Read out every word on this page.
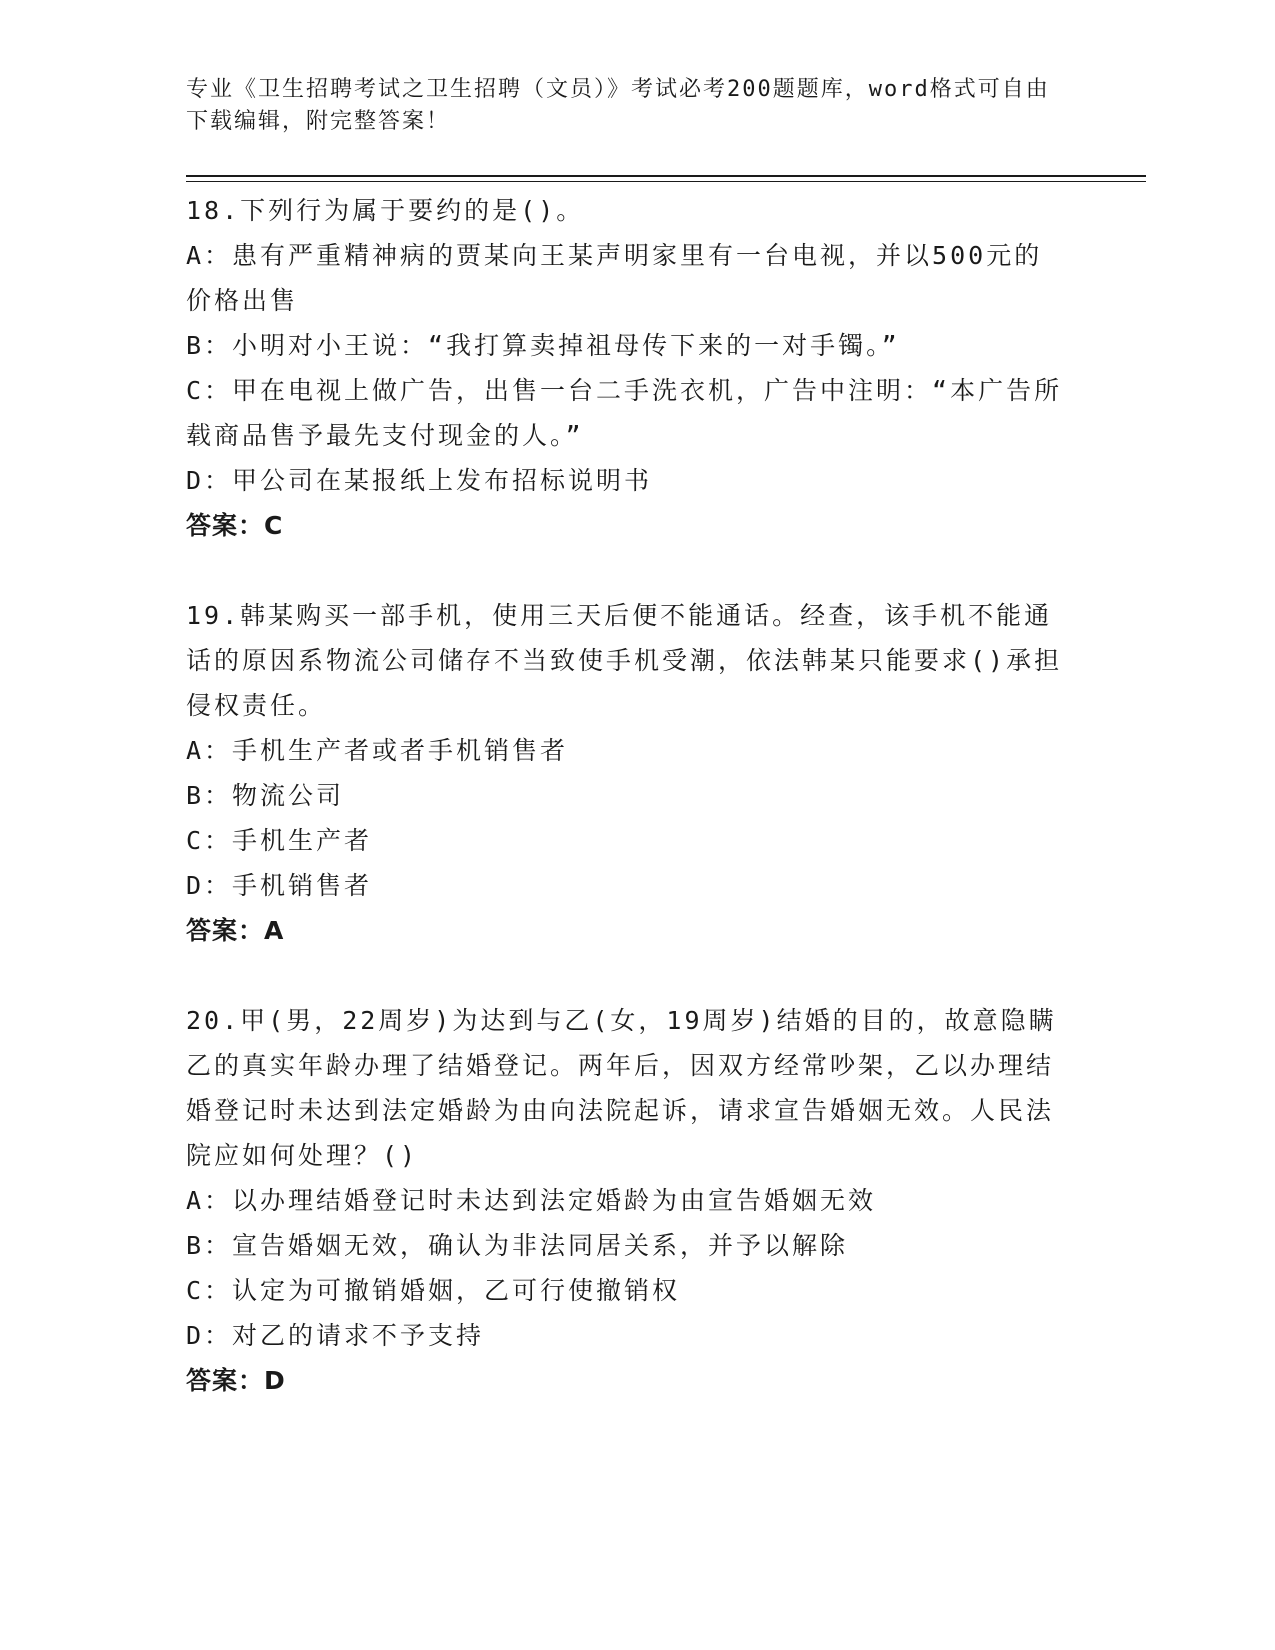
专业《卫生招聘考试之卫生招聘（文员）》考试必考200题题库，word格式可自由下载编辑，附完整答案！

18.下列行为属于要约的是()。

A：患有严重精神病的贾某向王某声明家里有一台电视，并以500元的价格出售

B：小明对小王说：“我打算卖掉祖母传下来的一对手镯。”

C：甲在电视上做广告，出售一台二手洗衣机，广告中注明：“本广告所载商品售予最先支付现金的人。”

D：甲公司在某报纸上发布招标说明书

答案：C

19.韩某购买一部手机，使用三天后便不能通话。经查，该手机不能通话的原因系物流公司储存不当致使手机受潮，依法韩某只能要求()承担侵权责任。

A：手机生产者或者手机销售者

B：物流公司

C：手机生产者

D：手机销售者

答案：A

20.甲(男，22周岁)为达到与乙(女，19周岁)结婚的目的，故意隐瞒乙的真实年龄办理了结婚登记。两年后，因双方经常吵架，乙以办理结婚登记时未达到法定婚龄为由向法院起诉，请求宣告婚姻无效。人民法院应如何处理？()

A：以办理结婚登记时未达到法定婚龄为由宣告婚姻无效

B：宣告婚姻无效，确认为非法同居关系，并予以解除

C：认定为可撤销婚姻，乙可行使撤销权

D：对乙的请求不予支持

答案：D
